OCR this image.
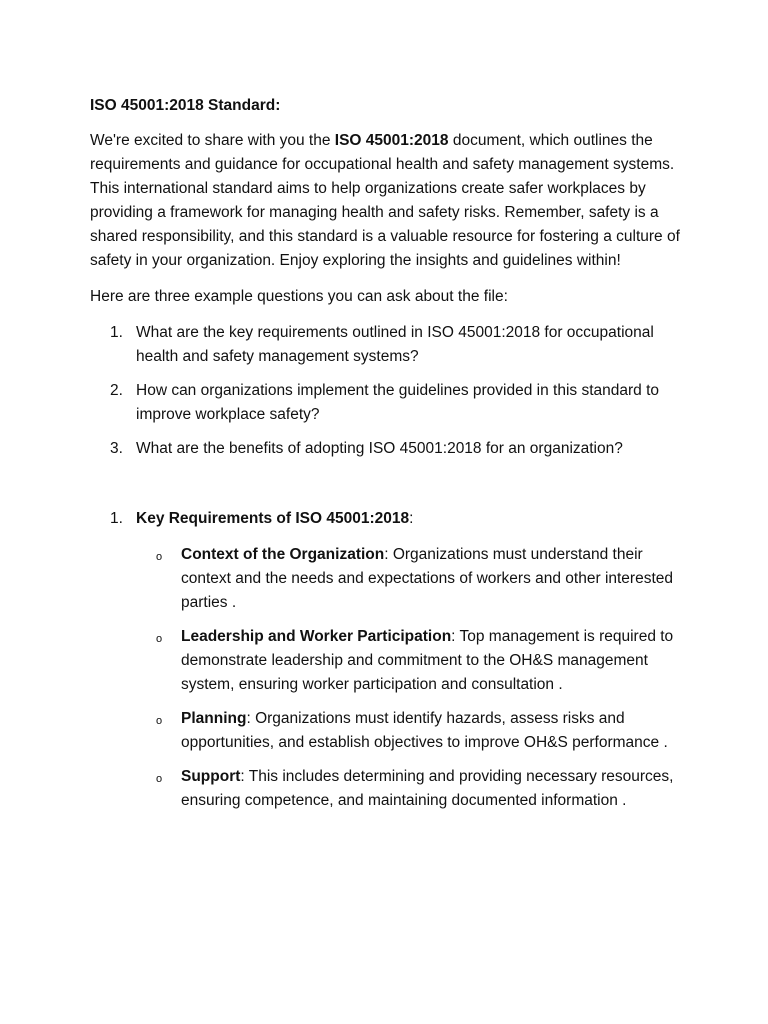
ISO 45001:2018 Standard:

We're excited to share with you the ISO 45001:2018 document, which outlines the requirements and guidance for occupational health and safety management systems. This international standard aims to help organizations create safer workplaces by providing a framework for managing health and safety risks. Remember, safety is a shared responsibility, and this standard is a valuable resource for fostering a culture of safety in your organization. Enjoy exploring the insights and guidelines within!

Here are three example questions you can ask about the file:

1. What are the key requirements outlined in ISO 45001:2018 for occupational health and safety management systems?
2. How can organizations implement the guidelines provided in this standard to improve workplace safety?
3. What are the benefits of adopting ISO 45001:2018 for an organization?
1. Key Requirements of ISO 45001:2018:
o Context of the Organization: Organizations must understand their context and the needs and expectations of workers and other interested parties .
o Leadership and Worker Participation: Top management is required to demonstrate leadership and commitment to the OH&S management system, ensuring worker participation and consultation .
o Planning: Organizations must identify hazards, assess risks and opportunities, and establish objectives to improve OH&S performance .
o Support: This includes determining and providing necessary resources, ensuring competence, and maintaining documented information .
